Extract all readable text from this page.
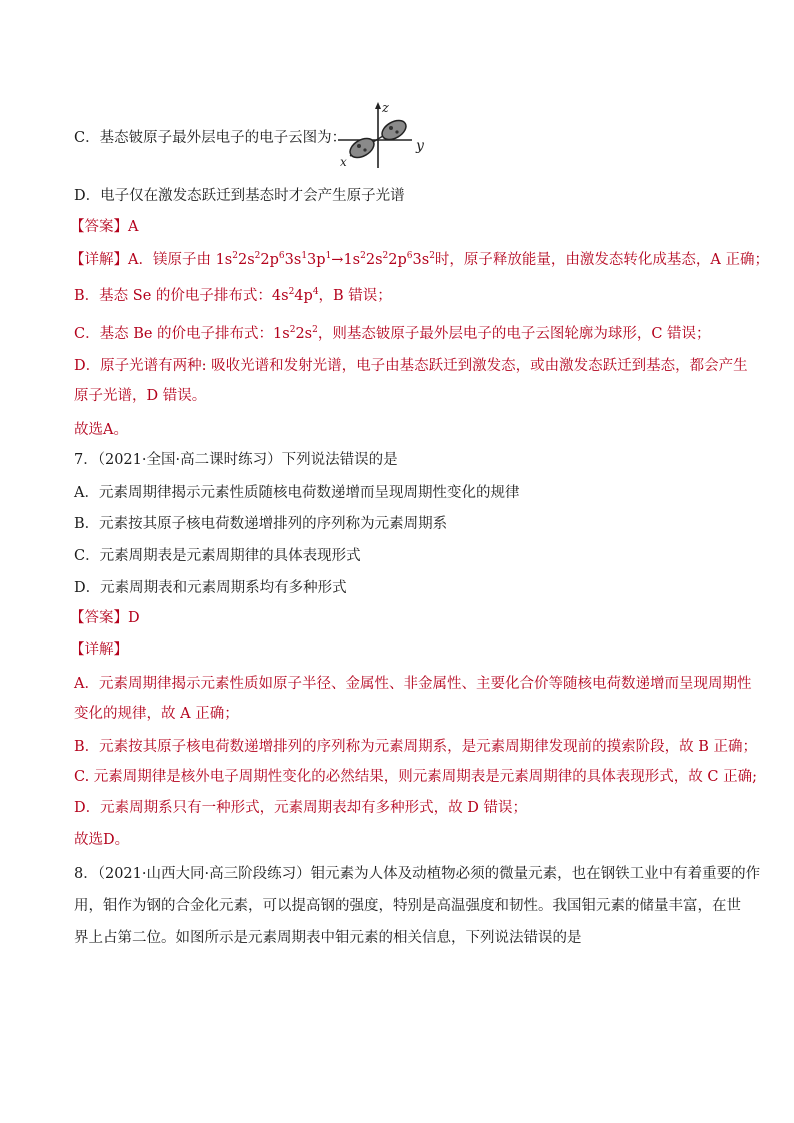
C．基态铍原子最外层电子的电子云图为：
z
y
x
D．电子仅在激发态跃迁到基态时才会产生原子光谱
【答案】A
【详解】A．镁原子由 $1s^22s^22p^63s^13p^1\to 1s^22s^22p^63s^2$时，原子释放能量，由激发态转化成基态，A 正确；
B．基态 Se 的价电子排布式：$4s^24p^4$，B 错误；
C．基态 Be 的价电子排布式：$1s^22s^2$，则基态铍原子最外层电子的电子云图轮廓为球形，C 错误；
D．原子光谱有两种: 吸收光谱和发射光谱，电子由基态跃迁到激发态，或由激发态跃迁到基态，都会产生
原子光谱，D 错误。
故选A。
7．（2021·全国·高二课时练习）下列说法错误的是
A．元素周期律揭示元素性质随核电荷数递增而呈现周期性变化的规律
B．元素按其原子核电荷数递增排列的序列称为元素周期系
C．元素周期表是元素周期律的具体表现形式
D．元素周期表和元素周期系均有多种形式
【答案】D
【详解】
A．元素周期律揭示元素性质如原子半径、金属性、非金属性、主要化合价等随核电荷数递增而呈现周期性
变化的规律，故 A 正确；
B．元素按其原子核电荷数递增排列的序列称为元素周期系，是元素周期律发现前的摸索阶段，故 B 正确；
C. 元素周期律是核外电子周期性变化的必然结果，则元素周期表是元素周期律的具体表现形式，故 C 正确;
D．元素周期系只有一种形式，元素周期表却有多种形式，故 D 错误；
故选D。
8．（2021·山西大同·高三阶段练习）钼元素为人体及动植物必须的微量元素，也在钢铁工业中有着重要的作
用，钼作为钢的合金化元素，可以提高钢的强度，特别是高温强度和韧性。我国钼元素的储量丰富，在世
界上占第二位。如图所示是元素周期表中钼元素的相关信息，下列说法错误的是
